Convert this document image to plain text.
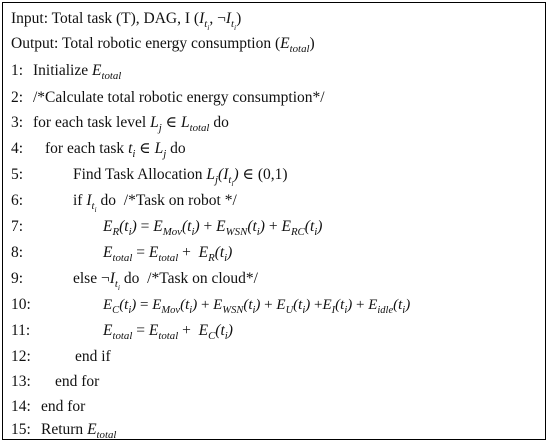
Input: Total task (T), DAG, I ($I_{t_i}$, $\neg I_{t_i}$)
Output: Total robotic energy consumption $(E_{total})$
1: Initialize $E_{total}$
2: /*Calculate total robotic energy consumption*/
3: for each task level $L_j$ ∈ $L_{total}$ do
4: for each task $t_i$ ∈ $L_j$ do
5:	Find Task Allocation $L_j(I_{t_i})$ ∈ (0,1)
6:	if $I_{t_i}$ do  /*Task on robot */
7:	$E_R(t_i) = E_{Mov}(t_i) + E_{WSN}(t_i) + E_{RC}(t_i)$
8:	$E_{total} = E_{total} + E_R(t_i)$
9:	else $\neg I_{t_i}$ do  /*Task on cloud*/
10:	$E_C(t_i) = E_{Mov}(t_i) + E_{WSN}(t_i) + E_U(t_i) +E_I(t_i) + E_{idle}(t_i)$
11:	$E_{total} = E_{total} + E_C(t_i)$
12:	end if
13: end for
14: end for
15: Return $E_{total}$
